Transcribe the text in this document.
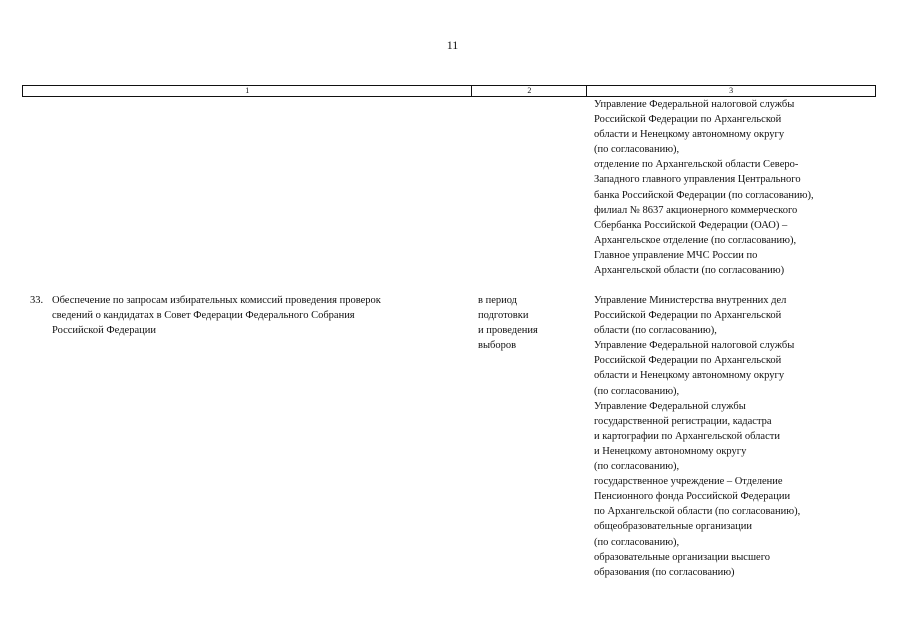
11
1	2	3
Управление Федеральной налоговой службы
Российской Федерации по Архангельской
области и Ненецкому автономному округу
(по согласованию),
отделение по Архангельской области Северо-
Западного главного управления Центрального
банка Российской Федерации (по согласованию),
филиал № 8637 акционерного коммерческого
Сбербанка Российской Федерации (ОАО) –
Архангельское отделение (по согласованию),
Главное управление МЧС России по
Архангельской области (по согласованию)
33. Обеспечение по запросам избирательных комиссий проведения проверок
сведений о кандидатах в Совет Федерации Федерального Собрания
Российской Федерации
в период
подготовки
и проведения
выборов
Управление Министерства внутренних дел
Российской Федерации по Архангельской
области (по согласованию),
Управление Федеральной налоговой службы
Российской Федерации по Архангельской
области и Ненецкому автономному округу
(по согласованию),
Управление Федеральной службы
государственной регистрации, кадастра
и картографии по Архангельской области
и Ненецкому автономному округу
(по согласованию),
государственное учреждение – Отделение
Пенсионного фонда Российской Федерации
по Архангельской области (по согласованию),
общеобразовательные организации
(по согласованию),
образовательные организации высшего
образования (по согласованию)
